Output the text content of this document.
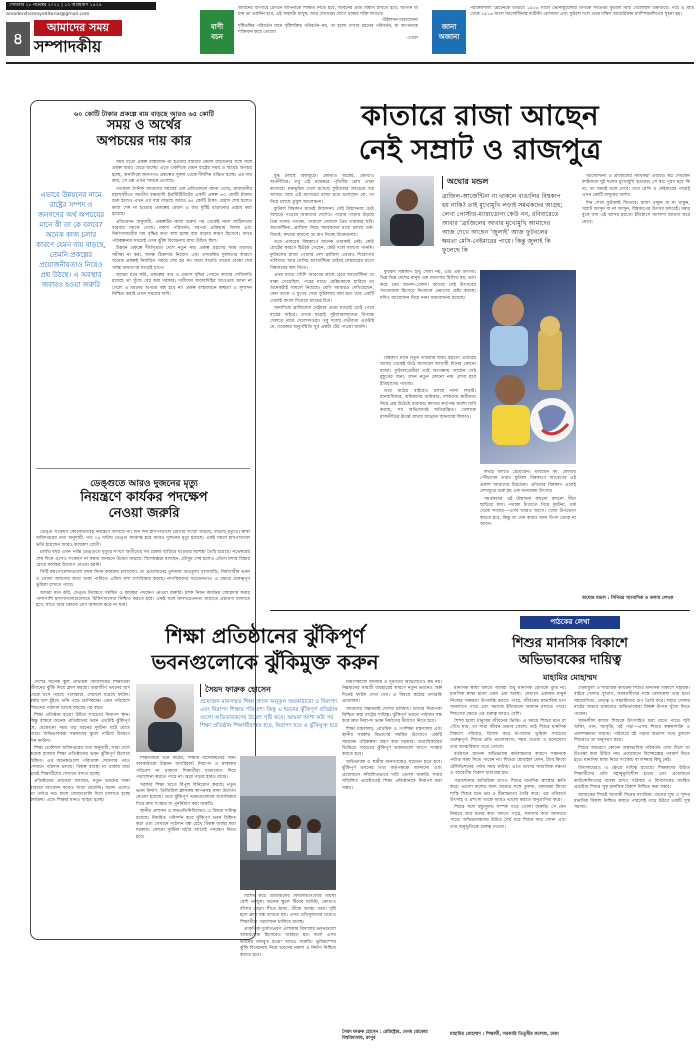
সোমবার ২৮ নভেম্বর ২০২২ | ১৩ অগ্রহায়ণ ১৪২৯
amadershomoyeditorial@gmail.com
৪
আমাদের সময়
সম্পাদকীয়
বাণী
বচন
জীবনের ব্যাপারে চেতনে আপনাকে শিক্ষিত নিতে হবে, জীবনের প্রতি বিশ্বাস রাখতে হবে; আপনি যা চান তা একদিন হবে, এই সাহসটা রাখুন; আর দেখাবেন লেগে থাকার শক্তি লাগবে।
-উইলসন মারাজোনা
দৃষ্টিভঙ্গির পরিবর্তন মানে দৃষ্টিশক্তির পরিবর্তন নয়, তা হলো দেখার ধরনের পরিবর্তন, যা আপনাকে শক্তিমান করে তোলে।
-পেলে
জানা
অজানা
পরাক্রমশালী ব্রিটেনকে উড়িয়ে ১৯১৬ সালে ভেনিজুয়েলার বিপক্ষে সর্বপ্রথম ফুটবল ম্যাচ খেলেছিল উরুগুয়ে। পরে এ ম্যাচ থেকে ১৯১৬ সালে আর্জেন্টিনার বাটিস্টা রোসাদো এবং ফুটবল দলে প্রথম দক্ষিণ আমেরিকান চ্যাম্পিয়নশিপের সূচনা হয়।
৬০ কোটি টাকার প্রকল্পে ব্যয় বাড়ছে আরও ৬৫ কোটি
সময় ও অর্থের
অপচয়ের দায় কার
এভাবে উন্নয়নের নামে রাষ্ট্রের সম্পদ ও জনগণের অর্থ অপচয়ের মানে কী তা কে বলবে? অনেক কাজ চলার কারণে যেমন ব্যয় বাড়ছে, তেমনি প্রকল্পের প্রয়োজনীয়তাও নিয়েও প্রশ্ন উঠছে। এ অবস্থার জবাবও হওয়া জরুরি

সময় মতো প্রকল্প বাস্তবায়ন না হওয়ায় বারবার মেয়াদ বাড়ানোর সঙ্গে সঙ্গে প্রকল্প ব্যয়ও বেড়ে যাচ্ছে। এতে একদিকে যেমন রাষ্ট্রের সময় ও অর্থের অপচয় হচ্ছে, অন্যদিকে জনগণও প্রকল্পের সুফল থেকে দীর্ঘদিন বঞ্চিত হচ্ছে। এর দায় কার, সে প্রশ্ন এখন সামনে এসেছে।

গতকাল দৈনিক আমাদের সময়ের এক প্রতিবেদনে জানা গেছে, রাজধানীর মহাখালীতে জাতীয় বক্ষব্যাধি ইনস্টিটিউটের একটি প্রকল্প ৬০ কোটি টাকায় শুরু হলেও এখন এর ব্যয় বাড়ছে আরও ৬৫ কোটি টাকা। মেয়াদ শেষ হলেও কাজ শেষ না হওয়ায় প্রকল্পের মেয়াদ ও ব্যয় দুটিই বাড়ানোর প্রস্তাব করা হয়েছে।

প্রতিবেদন অনুযায়ী, প্রকল্পটির কাজ শুরুর পর থেকেই নানা জটিলতায় বারবার থমকে গেছে। নকশা পরিবর্তন, দরপত্র প্রক্রিয়ায় বিলম্ব এবং নির্মাণসামগ্রীর দাম বৃদ্ধির কথা বলা হচ্ছে ব্যয় বাড়ার কারণ হিসেবে। অথচ পরিকল্পনার সময়েই এসব ঝুঁকি বিবেচনায় রাখা উচিত ছিল।

উন্নয়ন প্রকল্পে দীর্ঘসূত্রতা দেশে নতুন নয়। প্রকল্প গ্রহণের সময় যথাযথ সমীক্ষা না করা, অদক্ষ ঠিকাদার নিয়োগ এবং তদারকির দুর্বলতার কারণে অনেক প্রকল্পই নির্ধারিত সময়ে শেষ হয় না। ফলে বাড়তি ব্যয়ের বোঝা শেষ পর্যন্ত জনগণের ঘাড়েই চাপে।

আমরা মনে করি, প্রকল্পের ব্যয় ও মেয়াদ বৃদ্ধির পেছনে কাদের গাফিলতি রয়েছে তা খুঁজে বের করা দরকার। দায়ীদের জবাবদিহির আওতায় আনা না গেলে এ ধরনের অপচয় বন্ধ হবে না। প্রকল্প বাস্তবায়নে স্বচ্ছতা ও সুশাসন নিশ্চিত করাই এখন সময়ের দাবি।

ডেঙ্গুতে আরও দুজনের মৃত্যু
নিয়ন্ত্রণে কার্যকর পদক্ষেপ
নেওয়া জরুরি

ডেঙ্গু সংক্রমণ কোনোভাবেই নিয়ন্ত্রণে আসছে না। দিন দিন হাসপাতালে রোগীর সংখ্যা বাড়ছে, বাড়ছে মৃত্যুও। স্বাস্থ্য অধিদপ্তরের তথ্য অনুযায়ী, গত ২৪ ঘণ্টায় ডেঙ্গু আক্রান্ত হয়ে আরও দুজনের মৃত্যু হয়েছে। একই সময়ে হাসপাতালে ভর্তি হয়েছেন আরও কয়েকশ রোগী।

চলতি বছর এখন পর্যন্ত ডেঙ্গুতে মৃত্যুর সংখ্যা অতীতের সব রেকর্ড ছাড়িয়ে যাওয়ার আশঙ্কা তৈরি হয়েছে। নভেম্বরের শেষ দিকে এসেও সংক্রমণ না কমায় জনমনে উদ্বেগ বাড়ছে। বিশেষজ্ঞরা বলছেন, মৌসুম শেষ হলেও এডিস মশার বিস্তার রোধে কার্যকর উদ্যোগ নেওয়া হয়নি।

সিটি করপোরেশনগুলো মশক নিধন কার্যক্রম চালালেও তা প্রয়োজনের তুলনায় অপ্রতুল। বাসাবাড়ি, নির্মাণাধীন ভবন ও খোলা জায়গায় জমে থাকা পানিতে এডিস মশা বংশবিস্তার করছে। নাগরিকদের সচেতনতাও এ ক্ষেত্রে গুরুত্বপূর্ণ ভূমিকা রাখতে পারে।

আমরা মনে করি, ডেঙ্গু নিয়ন্ত্রণে সমন্বিত ও কার্যকর পদক্ষেপ নেওয়া জরুরি। মশক নিধন কার্যক্রম জোরদার করার পাশাপাশি হাসপাতালগুলোতে চিকিৎসাসেবা নিশ্চিত করতে হবে। একই সঙ্গে জনসচেতনতা বাড়াতে প্রচারণা চালাতে হবে, যাতে আর কোনো প্রাণ অকালে ঝরে না যায়।

কাতারে রাজা আছেন
নেই সম্রাট ও রাজপুত্র

যুদ্ধ চলছে বিশ্বজুড়ে। কোথাও অস্ত্রের, কোথাও অর্থনীতির। তবু এই নভেম্বরে পৃথিবীর চোখ এখন কাতারে। মরুভূমির দেশে বসেছে ফুটবলের সবচেয়ে বড় আসর। আর এই আসরের রাজা হতে চলেছেন কে, তা নিয়ে চলছে তুমুল আলোচনা।

ফুটবল বিশ্বকাপ মানেই উন্মাদনা। সেই উন্মাদনার ঢেউ আছড়ে পড়েছে আমাদের দেশেও। পাড়ায় পাড়ায় উড়ছে প্রিয় দলের পতাকা, দেয়ালে দেয়ালে প্রিয় তারকার ছবি। আর্জেন্টিনা, ব্রাজিল নিয়ে সমর্থকদের মধ্যে চলছে তর্ক-বিতর্ক, কখনো কখনো তা রূপ নিচ্ছে উত্তেজনায়।

তবে এবারের বিশ্বকাপে অনেক তারকাই নেই। কেউ চোটের কারণে ছিটকে গেছেন, কেউ দলে জায়গা পাননি। ফুটবলের রাজা পেলের দেশ ব্রাজিল এবারও শিরোপার দাবিদার। আর মেসির আর্জেন্টিনা চাইছে শেষবারের মতো বিশ্বজয়ের স্বাদ নিতে।

প্রথম ম্যাচে সৌদি আরবের কাছে হেরে আর্জেন্টিনা যে ধাক্কা খেয়েছিল, পরের ম্যাচে মেক্সিকোকে হারিয়ে তা অনেকটাই সামলে নিয়েছে। মেসি আবারও দেখিয়েছেন, কেন তাকে এ যুগের সেরা ফুটবলার বলা হয়। তার একটি গোলই বদলে দিয়েছে ম্যাচের চিত্র।

অন্যদিকে ব্রাজিলের নেইমার প্রথম ম্যাচেই চোট পেয়ে মাঠের বাইরে। তাকে ছাড়াই সুইজারল্যান্ডের বিপক্ষে খেলতে নামে সেলেসাওরা। তবু দলের গভীরতা এতটাই যে, তারকার অনুপস্থিতি খুব একটা টের পাওয়া যায়নি।

অঘোর মন্ডল
ব্রাজিল-আর্জেন্টিনা না থাকলে বাঙালির বিশ্বকাপ হয় নাকি? তাই মুখোমুখি লড়াই সমর্থকদের আগ্রহ; লেখা পোস্টার-ম্যারাডোনা কেউ নন, রবিবারেতে আবার ‘ব্রাজিলের আবার মুখোমুখি আমাদের আজ দেখে আছেন ‘জুলাই’ আজ ফুটবলের ক্ষমতা মেসি-নেইমারের পায়ে। কিন্তু জুলাই কি ফুলেছে কি

ফুটবল বিশ্বকাপ শুধু খেলা নয়, এটি এক উৎসব। ভিন্ন ভিন্ন দেশের মানুষ এক জায়গায় মিলিত হয়, ভাগ করে নেয় আনন্দ-বেদনা। কাতার সেই উৎসবের আয়োজক হিসেবে নিজেকে প্রমাণের চেষ্টা করছে। যদিও আয়োজন নিয়ে নানা সমালোচনা রয়েছে।

বিশ্বকাপ মানে নতুন তারকার জন্ম। হয়তো এবারের আসর থেকেই উঠে আসবেন আগামী দিনের কোনো রাজা। ফুটবলপ্রেমীরা তাই অপেক্ষায় আছেন সেই মুহূর্তের জন্য, যখন নতুন কোনো নাম লেখা হবে ইতিহাসের পাতায়।

তবে মাঠের বাইরেও চলছে নানা লড়াই। মানবাধিকার, শ্রমিকদের অধিকার, দর্শকদের স্বাধীনতা নিয়ে প্রশ্ন উঠেছে বারবার। কাতার কর্তৃপক্ষ অবশ্য দাবি করছে, সব অভিযোগই অতিরঞ্জিত। খেলাকে রাজনীতির ঊর্ধ্বে রাখার আহ্বান জানাচ্ছে ফিফাও।

কথাই বলতে চেয়েছেন। ভাবছেন কী, কোথায় পৌঁছাবেন তারা। ফুটবল বিশ্বকাপে আবেগের এই প্রকাশ আমাদের চিরচেনা। প্রতিবার বিশ্বকাপ এলেই দেশজুড়ে শুরু হয় এক অন্যরকম উৎসব।

সমর্থকদের এই উন্মাদনা কখনো কখনো সীমা ছাড়িয়ে যায়। পতাকা টাঙাতে গিয়ে দুর্ঘটনা, তর্ক থেকে সংঘাত—এসব খবরও আসে। খেলা উপভোগ করতে হবে, কিন্তু তা যেন কারও জন্য বিপদ ডেকে না আনে।

আর্জেন্টিনা ও ব্রাজিলের সমর্থকরা এবারও স্বপ্ন দেখছেন ফাইনালে দুই দলের মুখোমুখি হওয়ার। সে স্বপ্ন পূরণ হবে কি না, তা সময়ই বলে দেবে। তবে মেসি ও নেইমারের পায়েই এখন কোটি মানুষের আশা।

দিন শেষে ফুটবলই জিতবে। রাজা থাকুন বা না থাকুন, সম্রাট আসুন বা না আসুন, বিশ্বকাপের উৎসব চলবেই। মরুর বুকে বসা এই আসর হয়তো ইতিহাসে আলাদা জায়গা করে নেবে।

অঘোর মন্ডল : সিনিয়র সাংবাদিক ও কলাম লেখক
শিক্ষা প্রতিষ্ঠানের ঝুঁকিপূর্ণ
ভবনগুলোকে ঝুঁকিমুক্ত করুন

দেশের অনেক স্কুল প্রাথমিক বিদ্যালয়ের শিক্ষার্থীরা জীবনের ঝুঁকি নিয়ে ক্লাস করছে। জরাজীর্ণ ভবনের ছাদ থেকে খসে পড়ছে পলেস্তারা, দেয়ালে ধরেছে ফাটল। বর্ষায় ছাদ চুঁইয়ে পানি পড়ে শ্রেণিকক্ষে। এমন পরিবেশে শিশুদের পাঠদান চলছে বছরের পর বছর।

শিক্ষা প্রতিষ্ঠান হওয়া উচিত সবচেয়ে নিরাপদ স্থান। কিন্তু বাস্তবে অনেক প্রতিষ্ঠানের ভবন এতটাই ঝুঁকিপূর্ণ যে, যেকোনো সময় বড় ধরনের দুর্ঘটনা ঘটে যেতে পারে। অভিভাবকরা সন্তানদের স্কুলে পাঠিয়ে উদ্বেগে দিন কাটান।

শিক্ষা প্রকৌশল অধিদপ্তরের তথ্য অনুযায়ী, সারা দেশে কয়েক হাজার শিক্ষা প্রতিষ্ঠানের ভবন ঝুঁকিপূর্ণ হিসেবে চিহ্নিত। এর অনেকগুলো পরিত্যক্ত ঘোষণার পরও সেখানে পাঠদান চলছে। বিকল্প ব্যবস্থা না থাকায় বাধ্য হয়েই শিক্ষার্থীদের সেখানে বসতে হচ্ছে।

প্রতিষ্ঠানের প্রধানরা বলছেন, নতুন ভবনের জন্য বারবার আবেদন করেও সাড়া মেলেনি। বরাদ্দ এলেও তা পর্যাপ্ত নয়। ফলে জোড়াতালি দিয়ে চালাতে হচ্ছে কার্যক্রম। এতে শিক্ষার মানও ব্যাহত হচ্ছে।

সৈয়দ ফারুক হোসেন
প্রয়োজন মানসম্মত শিক্ষা প্রদান অনুকূল অবকাঠামো ও নিরাপদ এবং নিরাপদ শিক্ষার পরিবেশ। কিন্তু এ ধরনের ঝুঁকিপূর্ণ প্রতিষ্ঠান গুলো অভিভাবকদের উদ্বেগ সৃষ্টি করে। আমরা আশা করি সব শিক্ষা প্রতিষ্ঠান শিক্ষার্থীবান্ধব হবে, নিরাপদ হবে ও ঝুঁকিমুক্ত হবে

শিক্ষাবিদরা মনে করেন, শিক্ষার মানোন্নয়নের জন্য অবকাঠামো উন্নয়ন অপরিহার্য। নিরাপদ ও স্বাস্থ্যকর পরিবেশ না থাকলে শিক্ষার্থীরা মনোযোগ দিয়ে পড়াশোনা করতে পারে না। ঝরে পড়ার হারও বাড়ে।

সরকার শিক্ষা খাতে বিপুল বিনিয়োগ করছে। নতুন ভবন নির্মাণ, ডিজিটাল ক্লাসরুম স্থাপনসহ নানা উদ্যোগ নেওয়া হয়েছে। তবে ঝুঁকিপূর্ণ ভবনগুলোকে অগ্রাধিকার দিয়ে দ্রুত সংস্কার বা পুনর্নির্মাণ করা জরুরি।

স্থানীয় প্রশাসন ও জনপ্রতিনিধিদেরও এ বিষয়ে দায়িত্ব রয়েছে। নিয়মিত পরিদর্শন করে ঝুঁকিপূর্ণ ভবন চিহ্নিত করা এবং সেখানে পাঠদান বন্ধ রেখে বিকল্প ব্যবস্থা করা দরকার। কোনো দুর্ঘটনা ঘটার আগেই পদক্ষেপ নিতে হবে।

বিশেষ করে গ্রামাঞ্চলের বিদ্যালয়গুলোর অবস্থা বেশি নাজুক। অনেক স্কুলে টিনের ছাউনি, কোথাও বাঁশের বেড়া। শীতে ঠান্ডা, গ্রীষ্মে অসহ্য গরম। বৃষ্টি হলে ক্লাস বন্ধ রাখতে হয়। এসব প্রতিকূলতার মধ্যেও শিক্ষার্থীরা পড়াশোনা চালিয়ে যাচ্ছে।

প্রাকৃতিক দুর্যোগপ্রবণ এলাকায় বিদ্যালয় ভবনগুলো আশ্রয়কেন্দ্র হিসেবেও ব্যবহৃত হয়। ফলে এসব ভবনের মজবুত হওয়া আরও জরুরি। ভূমিকম্পের ঝুঁকি বিবেচনায় নিয়ে ভবনের নকশা ও নির্মাণ নিশ্চিত করতে হবে।

নির্মাণকাজে অনিয়ম ও দুর্নীতির অভিযোগও কম নয়। নিম্নমানের সামগ্রী ব্যবহারের কারণে নতুন ভবনেও অল্প দিনেই ফাটল দেখা দেয়। এ বিষয়ে কঠোর তদারকি প্রয়োজন।

আমাদের সন্তানরাই দেশের ভবিষ্যৎ। তাদের নিরাপত্তা নিশ্চিত করা রাষ্ট্রের দায়িত্ব। ঝুঁকিপূর্ণ ভবনে পাঠদান বন্ধ করে দ্রুত নিরাপদ ভবন নির্মাণের উদ্যোগ নিতে হবে।

শিক্ষা মন্ত্রণালয়, প্রাথমিক ও গণশিক্ষা মন্ত্রণালয় এবং স্থানীয় সরকার বিভাগের সমন্বিত উদ্যোগে একটি সময়বদ্ধ পরিকল্পনা গ্রহণ করা দরকার। অগ্রাধিকারের ভিত্তিতে সবচেয়ে ঝুঁকিপূর্ণ ভবনগুলো আগে সংস্কার করতে হবে।

অভিভাবক ও স্থানীয় জনগণকেও সচেতন হতে হবে। ঝুঁকিপূর্ণ ভবনের তথ্য কর্তৃপক্ষকে জানানো এবং প্রয়োজনে সম্মিলিতভাবে দাবি তোলা জরুরি। সবার সম্মিলিত প্রচেষ্টাতেই শিক্ষা প্রতিষ্ঠানকে নিরাপদ করা সম্ভব।

সৈয়দ ফারুক হোসেন : রেজিস্ট্রার, বেগম রোকেয়া বিশ্ববিদ্যালয়, রংপুর
পাঠকের লেখা
শিশুর মানসিক বিকাশে
অভিভাবকের দায়িত্ব
মাহামির মোহাম্মদ

মানসিক স্বাস্থ্য বলতে আমরা শুধু মানসিক রোগকে বুঝি না। মানসিক স্বাস্থ্য হলো এমন এক অবস্থা, যেখানে একজন মানুষ নিজের সক্ষমতা উপলব্ধি করতে পারে, জীবনের স্বাভাবিক চাপ সামলাতে পারে এবং সমাজে ইতিবাচক অবদান রাখতে পারে। শিশুদের ক্ষেত্রে এর গুরুত্ব আরও বেশি।

শৈশব হলো মানুষের জীবনের ভিত্তি। এ সময়ে শিশুর মনে যা গেঁথে যায়, তা সারা জীবন প্রভাব ফেলে। তাই শিশুর মানসিক বিকাশে পরিবার, বিশেষ করে মা-বাবার ভূমিকা সবচেয়ে গুরুত্বপূর্ণ। শিশুর প্রতি ভালোবাসা, সময় দেওয়া ও মনোযোগ তার আত্মবিশ্বাস গড়ে তোলে।

বর্তমানে অনেক অভিভাবক কর্মব্যস্ততার কারণে সন্তানকে পর্যাপ্ত সময় দিতে পারেন না। শিশুরা মোবাইল ফোন, ট্যাব কিংবা টেলিভিশনের পর্দায় সময় কাটায়। এতে তাদের সামাজিক দক্ষতা ও আবেগীয় বিকাশ বাধাগ্রস্ত হয়।

পড়াশোনার অতিরিক্ত চাপও শিশুর মানসিক স্বাস্থ্যের ক্ষতি করে। ভালো ফলের জন্য অন্যের সঙ্গে তুলনা, বকাঝকা কিংবা শাস্তি শিশুর মনে ভয় ও হীনম্মন্যতা তৈরি করে। এর পরিবর্তে উৎসাহ ও প্রশংসা তাকে আরও ভালো করতে অনুপ্রাণিত করে।

শিশুর সঙ্গে বন্ধুসুলভ সম্পর্ক গড়ে তোলা জরুরি। সে যেন নির্ভয়ে তার মনের কথা বলতে পারে, সমস্যার কথা জানাতে পারে। অভিভাবকদের উচিত ধৈর্য ধরে শিশুর কথা শোনা এবং তার অনুভূতিকে গুরুত্ব দেওয়া।

খেলাধুলা ও শারীরিক কার্যক্রম শিশুর মানসিক বিকাশে সহায়ক। বাইরে খেলার সুযোগ, সমবয়সীদের সঙ্গে মেলামেশা তার মধ্যে সহযোগিতা, নেতৃত্ব ও সহমর্মিতার গুণ তৈরি করে। শহরে খেলার মাঠের অভাব থাকলেও অভিভাবকরা বিকল্প উপায় খুঁজে নিতে পারেন।

সৃজনশীল কাজে শিশুকে উৎসাহিত করা যেতে পারে। ছবি আঁকা, গান, আবৃত্তি, বই পড়া—এসব শিশুর কল্পনাশক্তি ও প্রকাশক্ষমতা বাড়ায়। পরিবারে বই পড়ার অভ্যাস গড়ে তুললে শিশুরাও তা অনুসরণ করে।

শিশুর আচরণে কোনো অস্বাভাবিক পরিবর্তন দেখা দিলে তা উপেক্ষা করা উচিত নয়। প্রয়োজনে বিশেষজ্ঞের পরামর্শ নিতে হবে। মানসিক স্বাস্থ্য নিয়ে সংকোচ বা লজ্জার কিছু নেই।

বিদ্যালয়েরও এ ক্ষেত্রে দায়িত্ব রয়েছে। শিক্ষকদের উচিত শিক্ষার্থীদের প্রতি সহানুভূতিশীল হওয়া এবং প্রয়োজনে কাউন্সেলিংয়ের ব্যবস্থা রাখা। পরিবার ও বিদ্যালয়ের সমন্বিত প্রচেষ্টায় শিশুর সুস্থ মানসিক বিকাশ নিশ্চিত করা সম্ভব।

আজকের শিশুই আগামী দিনের নাগরিক। তাদের সুস্থ ও সুন্দর মানসিক বিকাশ নিশ্চিত করতে পারলেই গড়ে উঠবে একটি সুস্থ সমাজ।

মাহামির মোহাম্মদ : শিক্ষার্থী, সরকারি তিতুমীর কলেজ, ঢাকা
